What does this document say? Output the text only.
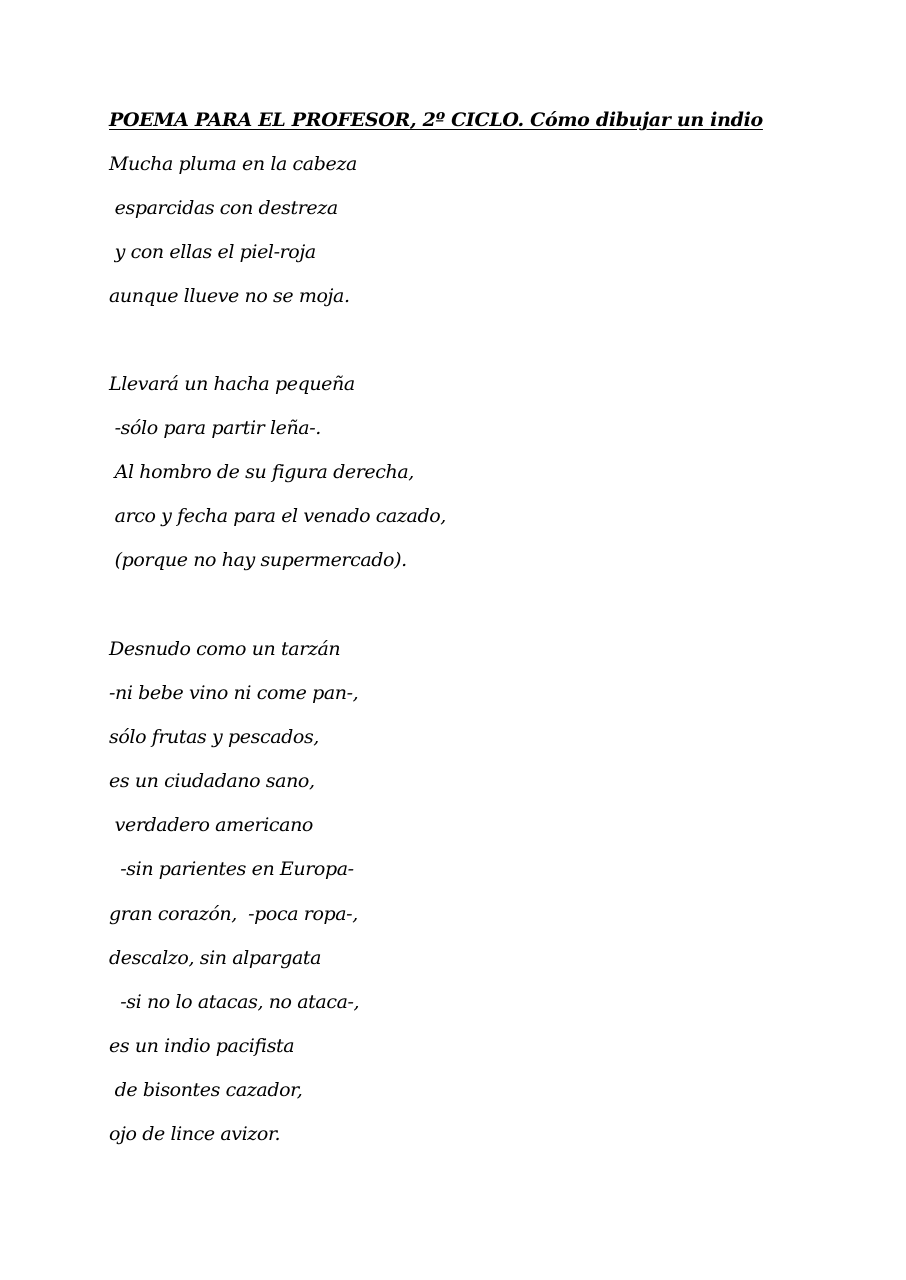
POEMA PARA EL PROFESOR, 2º CICLO. Cómo dibujar un indio
Mucha pluma en la cabeza
esparcidas con destreza
y con ellas el piel-roja
aunque llueve no se moja.
Llevará un hacha pequeña
-sólo para partir leña-.
Al hombro de su figura derecha,
arco y fecha para el venado cazado,
(porque no hay supermercado).
Desnudo como un tarzán
-ni bebe vino ni come pan-,
sólo frutas y pescados,
es un ciudadano sano,
verdadero americano
-sin parientes en Europa-
gran corazón,  -poca ropa-,
descalzo, sin alpargata
-si no lo atacas, no ataca-,
es un indio pacifista
de bisontes cazador,
ojo de lince avizor.
